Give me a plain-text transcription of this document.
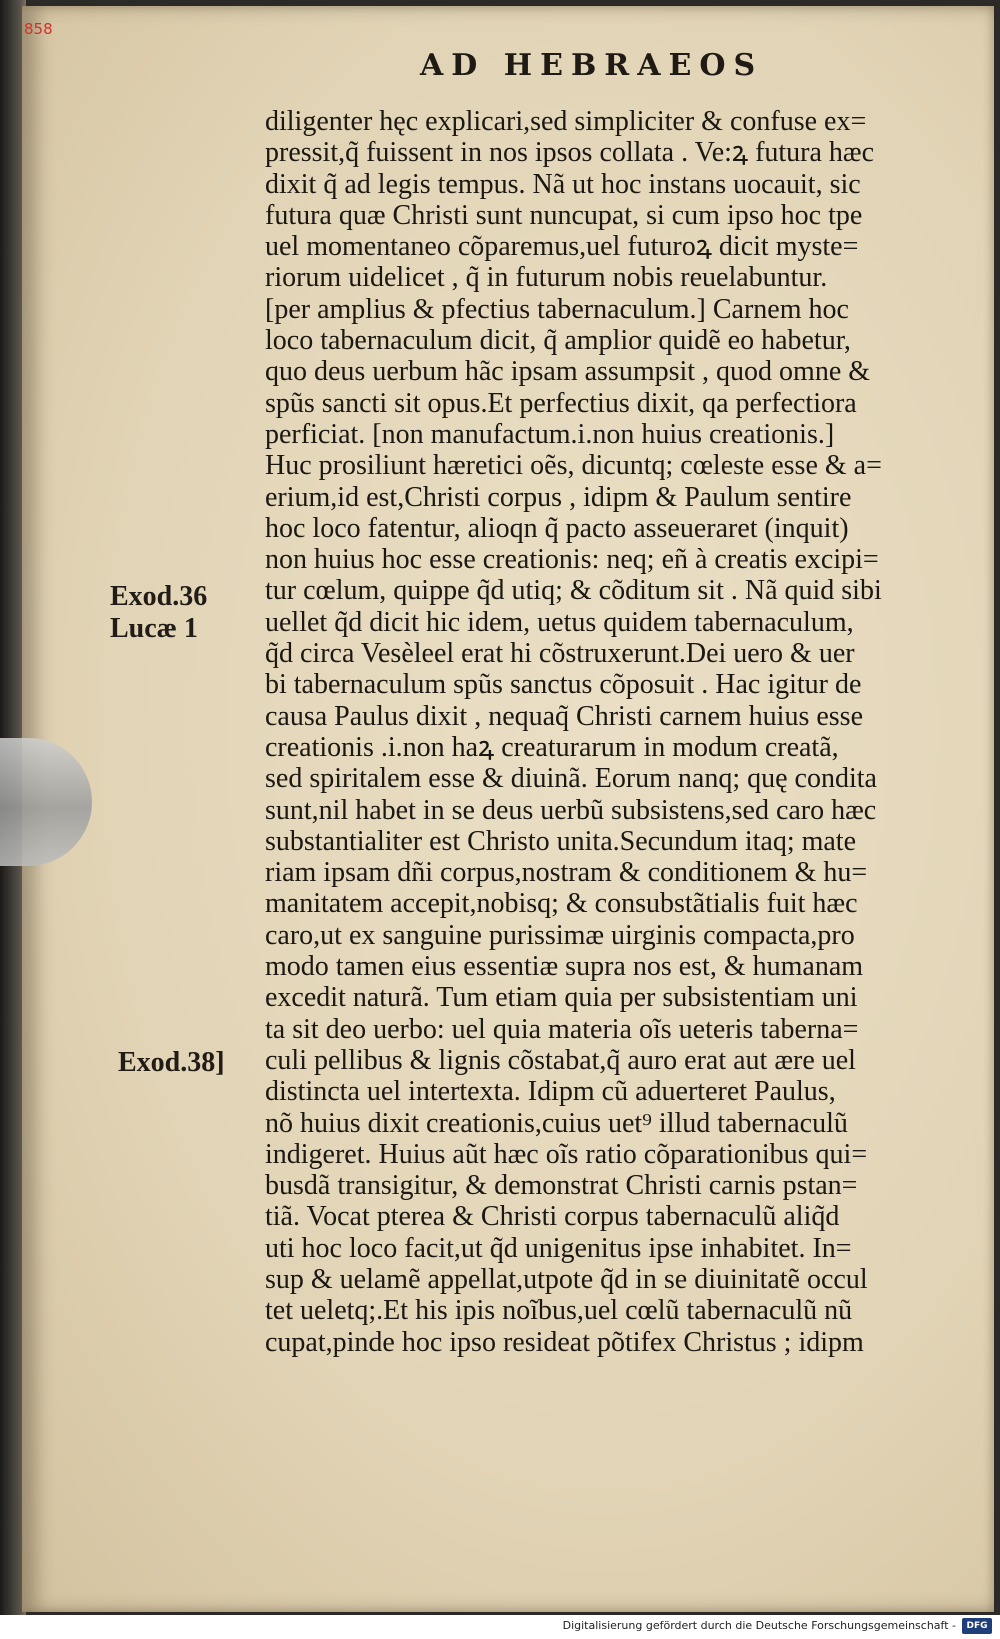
858
AD HEBRAEOS
diligenter hęc explicari,sed simpliciter & confuse ex=
pressit,q̃ fuissent in nos ipsos collata . Ve:ꝝ futura hæc
dixit q̃ ad legis tempus. Nã ut hoc instans uocauit, sic
futura quæ Christi sunt nuncupat, si cum ipso hoc tpe
uel momentaneo cõparemus,uel futuroꝝ dicit myste=
riorum uidelicet , q̃ in futurum nobis reuelabuntur.
[per amplius & pfectius tabernaculum.] Carnem hoc
loco tabernaculum dicit, q̃ amplior quidẽ eo habetur,
quo deus uerbum hãc ipsam assumpsit , quod omne &
spũs sancti sit opus.Et perfectius dixit, qa perfectiora
perficiat. [non manufactum.i.non huius creationis.]
Huc prosiliunt hæretici oẽs, dicuntq; cœleste esse & a=
erium,id est,Christi corpus , idipm & Paulum sentire
hoc loco fatentur, alioqn q̃ pacto asseueraret (inquit)
non huius hoc esse creationis: neq; eñ à creatis excipi=
tur cœlum, quippe q̃d utiq; & cõditum sit . Nã quid sibi
uellet q̃d dicit hic idem, uetus quidem tabernaculum,
q̃d circa Vesèleel erat hi cõstruxerunt.Dei uero & uer
bi tabernaculum spũs sanctus cõposuit . Hac igitur de
causa Paulus dixit , nequaq̃ Christi carnem huius esse
creationis .i.non haꝝ creaturarum in modum creatã,
sed spiritalem esse & diuinã. Eorum nanq; quę condita
sunt,nil habet in se deus uerbũ subsistens,sed caro hæc
substantialiter est Christo unita.Secundum itaq; mate
riam ipsam dñi corpus,nostram & conditionem & hu=
manitatem accepit,nobisq; & consubstãtialis fuit hæc
caro,ut ex sanguine purissimæ uirginis compacta,pro
modo tamen eius essentiæ supra nos est, & humanam
excedit naturã. Tum etiam quia per subsistentiam uni
ta sit deo uerbo: uel quia materia oĩs ueteris taberna=
culi pellibus & lignis cõstabat,q̃ auro erat aut ære uel
distincta uel intertexta. Idipm cũ aduerteret Paulus,
nõ huius dixit creationis,cuius uet⁹ illud tabernaculũ
indigeret. Huius aũt hæc oĩs ratio cõparationibus qui=
busdã transigitur, & demonstrat Christi carnis pstan=
tiã. Vocat pterea & Christi corpus tabernaculũ aliq̃d
uti hoc loco facit,ut q̃d unigenitus ipse inhabitet. In=
sup & uelamẽ appellat,utpote q̃d in se diuinitatẽ occul
tet ueletq;.Et his ipis noĩbus,uel cœlũ tabernaculũ nũ
cupat,pinde hoc ipso resideat põtifex Christus ; idipm
Exod.36
Lucæ 1
Exod.38]
Digitalisierung gefördert durch die Deutsche Forschungsgemeinschaft -	DFG
